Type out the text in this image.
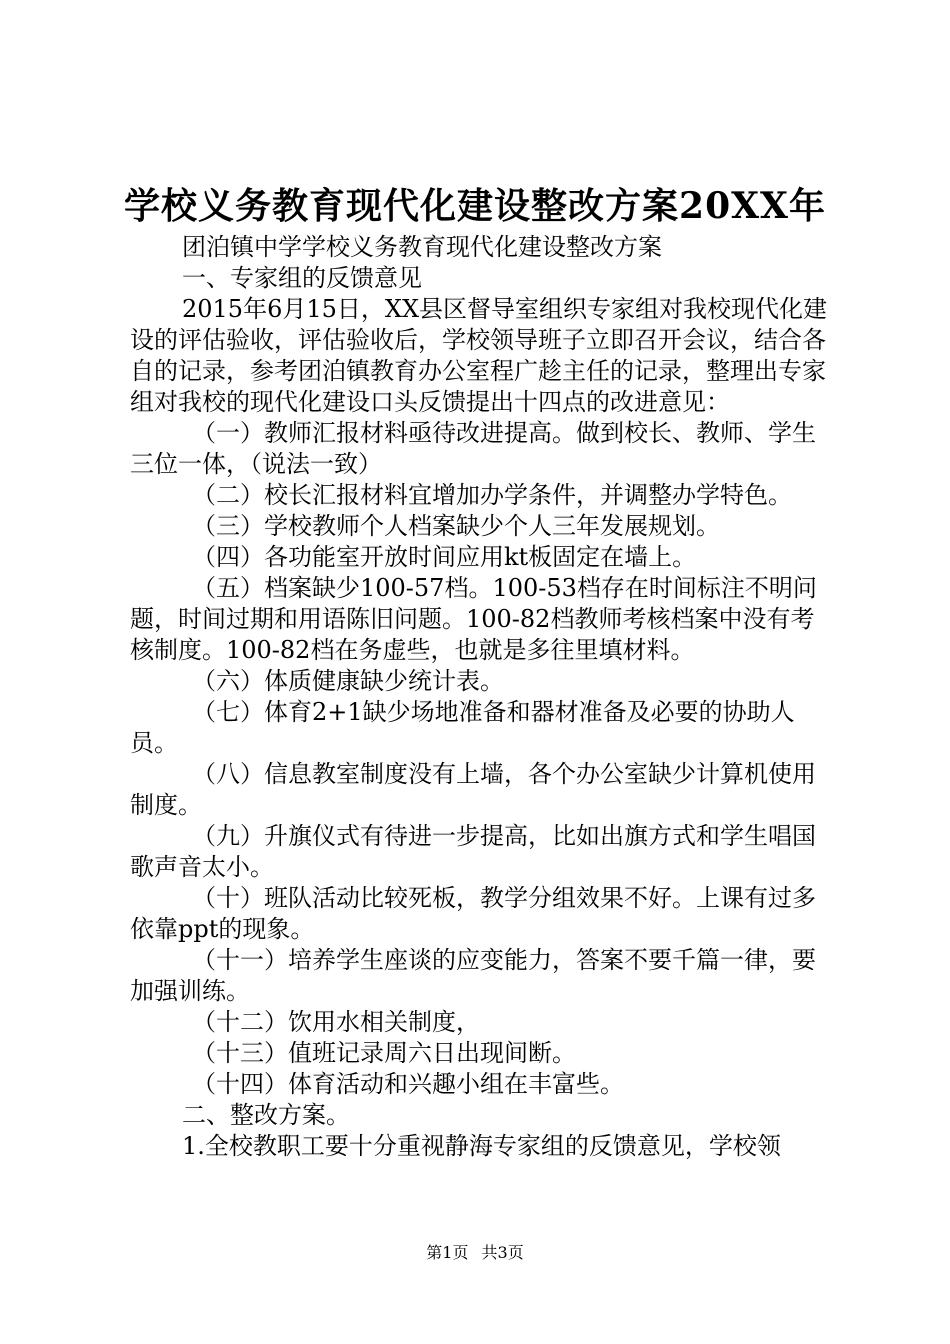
学校义务教育现代化建设整改方案20XX年

团泊镇中学学校义务教育现代化建设整改方案

一、专家组的反馈意见

2015年6月15日，XX县区督导室组织专家组对我校现代化建设的评估验收，评估验收后，学校领导班子立即召开会议，结合各自的记录，参考团泊镇教育办公室程广趁主任的记录，整理出专家组对我校的现代化建设口头反馈提出十四点的改进意见：

（一）教师汇报材料亟待改进提高。做到校长、教师、学生三位一体，（说法一致）

（二）校长汇报材料宜增加办学条件，并调整办学特色。

（三）学校教师个人档案缺少个人三年发展规划。

（四）各功能室开放时间应用kt板固定在墙上。

（五）档案缺少100-57档。100-53档存在时间标注不明问题，时间过期和用语陈旧问题。100-82档教师考核档案中没有考核制度。100-82档在务虚些，也就是多往里填材料。

（六）体质健康缺少统计表。

（七）体育2+1缺少场地准备和器材准备及必要的协助人员。

（八）信息教室制度没有上墙，各个办公室缺少计算机使用制度。

（九）升旗仪式有待进一步提高，比如出旗方式和学生唱国歌声音太小。

（十）班队活动比较死板，教学分组效果不好。上课有过多依靠ppt的现象。

（十一）培养学生座谈的应变能力，答案不要千篇一律，要加强训练。

（十二）饮用水相关制度，

（十三）值班记录周六日出现间断。

（十四）体育活动和兴趣小组在丰富些。

二、整改方案。

1.全校教职工要十分重视静海专家组的反馈意见，学校领

第1页 共3页
